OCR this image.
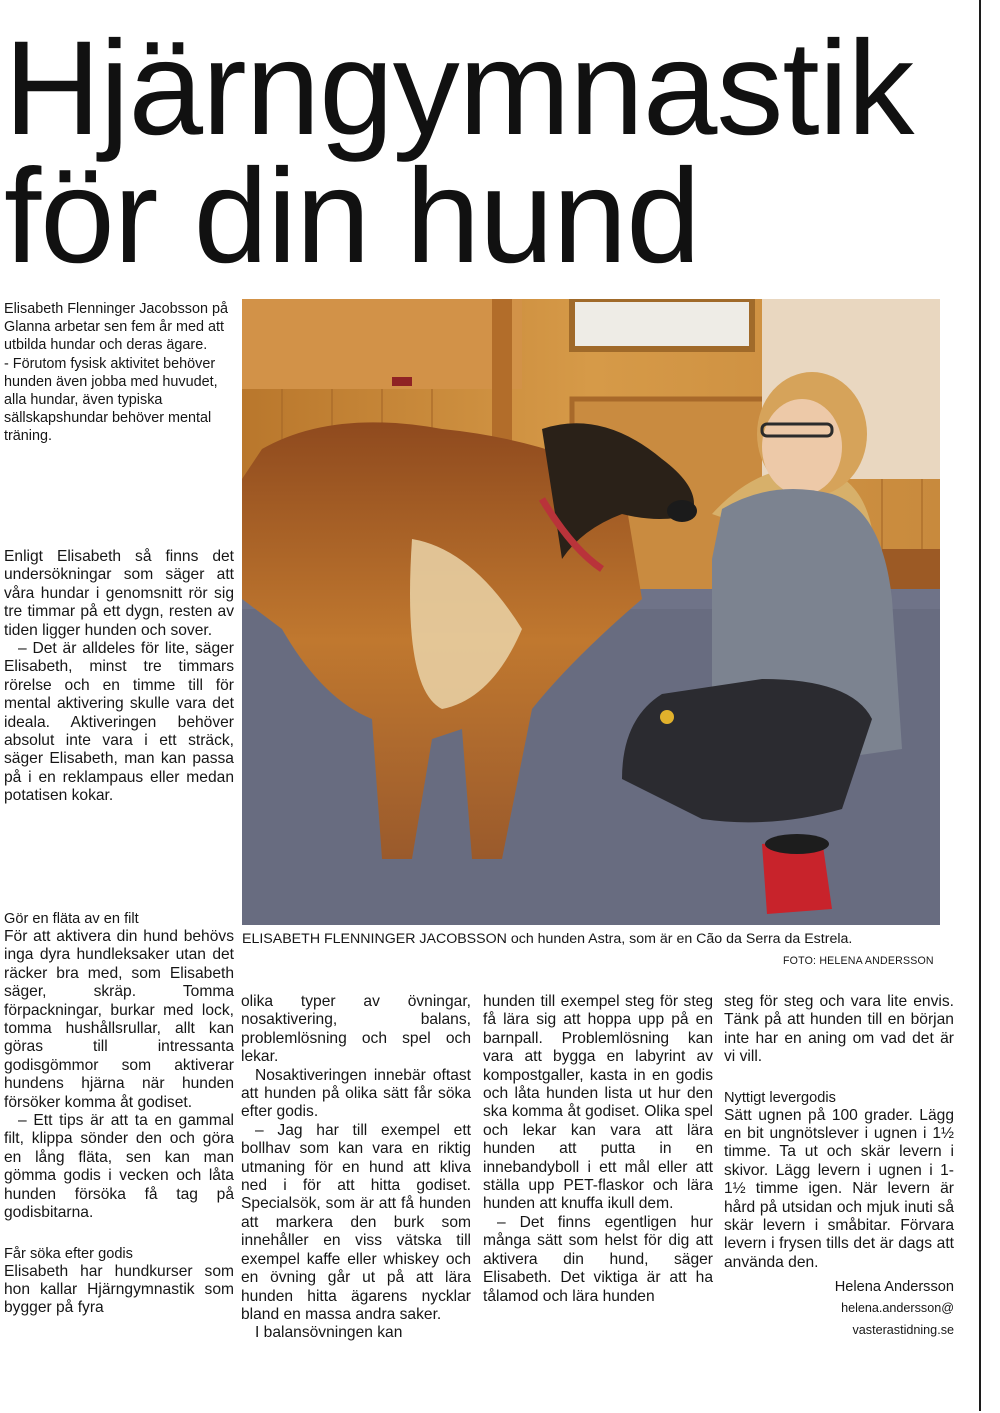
Hjärngymnastik
för din hund

Elisabeth Flenninger Jacobsson på Glanna arbetar sen fem år med att utbilda hundar och deras ägare.

- Förutom fysisk aktivitet behöver hunden även jobba med huvudet, alla hundar, även typiska sällskapshundar behöver mental träning.

Enligt Elisabeth så finns det undersökningar som säger att våra hundar i genomsnitt rör sig tre timmar på ett dygn, resten av tiden ligger hunden och sover.

– Det är alldeles för lite, säger Elisabeth, minst tre timmars rörelse och en timme till för mental aktivering skulle vara det ideala. Aktiveringen behöver absolut inte vara i ett sträck, säger Elisabeth, man kan passa på i en reklampaus eller medan potatisen kokar.

Gör en fläta av en filt

För att aktivera din hund behövs inga dyra hundleksaker utan det räcker bra med, som Elisabeth säger, skräp. Tomma förpackningar, burkar med lock, tomma hushållsrullar, allt kan göras till intressanta godisgömmor som aktiverar hundens hjärna när hunden försöker komma åt godiset.

– Ett tips är att ta en gammal filt, klippa sönder den och göra en lång fläta, sen kan man gömma godis i vecken och låta hunden försöka få tag på godisbitarna.

Får söka efter godis

Elisabeth har hundkurser som hon kallar Hjärngymnastik som bygger på fyra

ELISABETH FLENNINGER JACOBSSON och hunden Astra, som är en Cão da Serra da Estrela.
FOTO: HELENA ANDERSSON

olika typer av övningar, nosaktivering, balans, problemlösning och spel och lekar.

Nosaktiveringen innebär oftast att hunden på olika sätt får söka efter godis.

– Jag har till exempel ett bollhav som kan vara en riktig utmaning för en hund att kliva ned i för att hitta godiset. Specialsök, som är att få hunden att markera den burk som innehåller en viss vätska till exempel kaffe eller whiskey och en övning går ut på att lära hunden hitta ägarens nycklar bland en massa andra saker.

I balansövningen kan

hunden till exempel steg för steg få lära sig att hoppa upp på en barnpall. Problemlösning kan vara att bygga en labyrint av kompostgaller, kasta in en godis och låta hunden lista ut hur den ska komma åt godiset. Olika spel och lekar kan vara att lära hunden att putta in en innebandyboll i ett mål eller att ställa upp PET-flaskor och lära hunden att knuffa ikull dem.

– Det finns egentligen hur många sätt som helst för dig att aktivera din hund, säger Elisabeth. Det viktiga är att ha tålamod och lära hunden

steg för steg och vara lite envis. Tänk på att hunden till en början inte har en aning om vad det är vi vill.

Nyttigt levergodis

Sätt ugnen på 100 grader. Lägg en bit ungnötslever i ugnen i 1½ timme. Ta ut och skär levern i skivor. Lägg levern i ugnen i 1-1½ timme igen. När levern är hård på utsidan och mjuk inuti så skär levern i småbitar. Förvara levern i frysen tills det är dags att använda den.

Helena Andersson

helena.andersson@

vasterastidning.se
